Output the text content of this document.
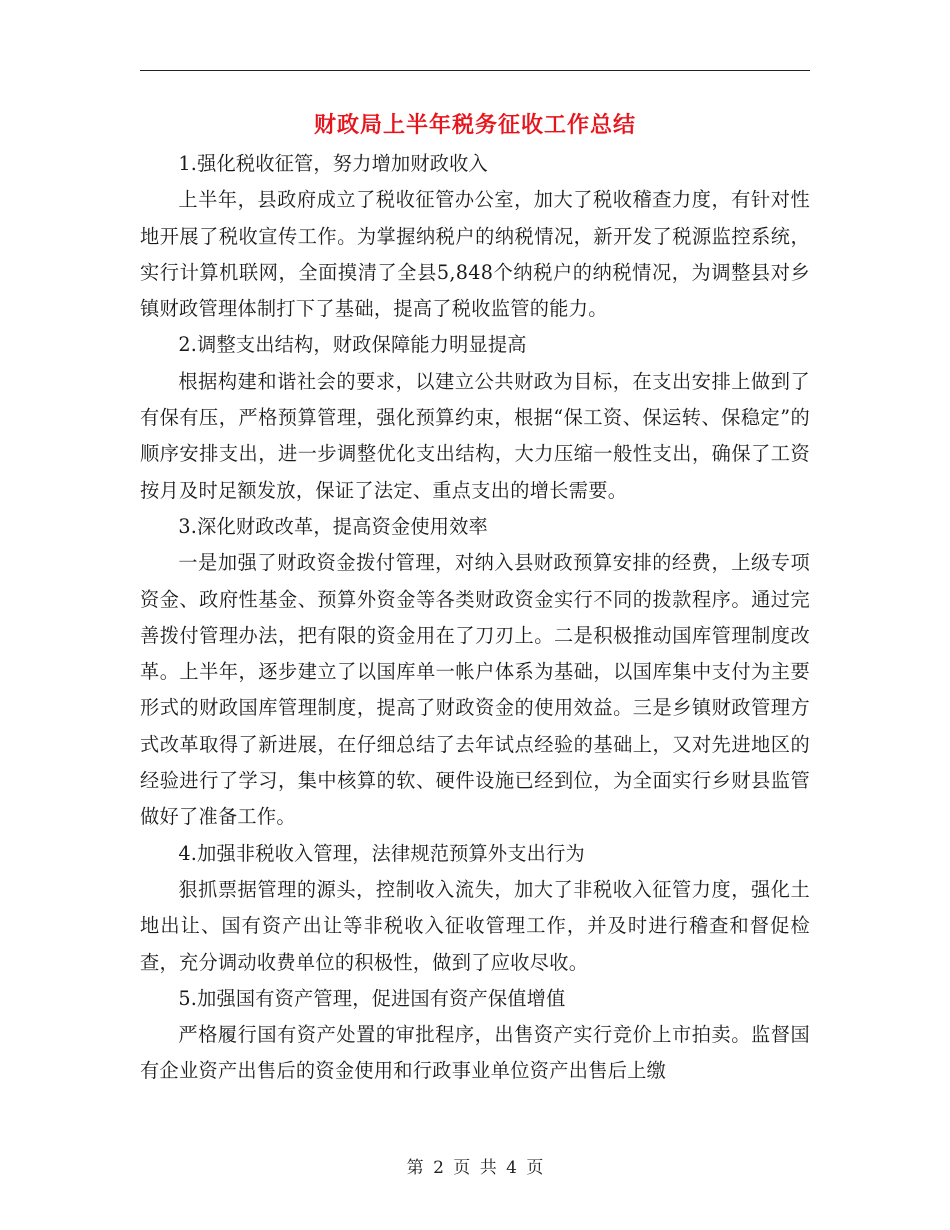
财政局上半年税务征收工作总结

1.强化税收征管，努力增加财政收入

上半年，县政府成立了税收征管办公室，加大了税收稽查力度，有针对性地开展了税收宣传工作。为掌握纳税户的纳税情况，新开发了税源监控系统，实行计算机联网，全面摸清了全县5,848个纳税户的纳税情况，为调整县对乡镇财政管理体制打下了基础，提高了税收监管的能力。

2.调整支出结构，财政保障能力明显提高

根据构建和谐社会的要求，以建立公共财政为目标，在支出安排上做到了有保有压，严格预算管理，强化预算约束，根据“保工资、保运转、保稳定”的顺序安排支出，进一步调整优化支出结构，大力压缩一般性支出，确保了工资按月及时足额发放，保证了法定、重点支出的增长需要。

3.深化财政改革，提高资金使用效率

一是加强了财政资金拨付管理，对纳入县财政预算安排的经费，上级专项资金、政府性基金、预算外资金等各类财政资金实行不同的拨款程序。通过完善拨付管理办法，把有限的资金用在了刀刃上。二是积极推动国库管理制度改革。上半年，逐步建立了以国库单一帐户体系为基础，以国库集中支付为主要形式的财政国库管理制度，提高了财政资金的使用效益。三是乡镇财政管理方式改革取得了新进展，在仔细总结了去年试点经验的基础上，又对先进地区的经验进行了学习，集中核算的软、硬件设施已经到位，为全面实行乡财县监管做好了准备工作。

4.加强非税收入管理，法律规范预算外支出行为

狠抓票据管理的源头，控制收入流失，加大了非税收入征管力度，强化土地出让、国有资产出让等非税收入征收管理工作，并及时进行稽查和督促检查，充分调动收费单位的积极性，做到了应收尽收。

5.加强国有资产管理，促进国有资产保值增值

严格履行国有资产处置的审批程序，出售资产实行竞价上市拍卖。监督国有企业资产出售后的资金使用和行政事业单位资产出售后上缴

第 2 页 共 4 页
